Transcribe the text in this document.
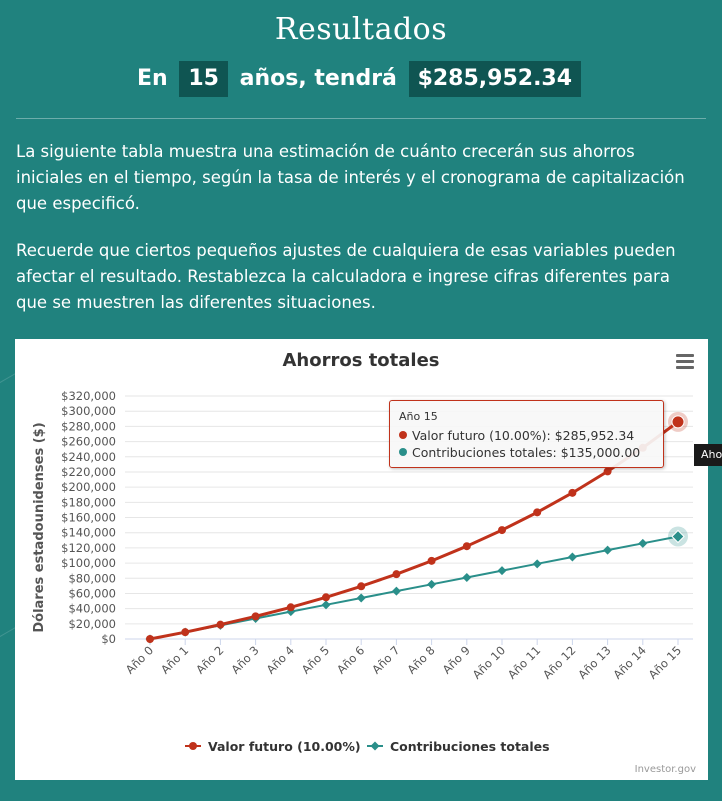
Resultados
En 15 años, tendrá $285,952.34

La siguiente tabla muestra una estimación de cuánto crecerán sus ahorros iniciales en el tiempo, según la tasa de interés y el cronograma de capitalización que especificó.

Recuerde que ciertos pequeños ajustes de cualquiera de esas variables pueden afectar el resultado. Restablezca la calculadora e ingrese cifras diferentes para que se muestren las diferentes situaciones.

Ahorros totales
$0
$20,000
$40,000
$60,000
$80,000
$100,000
$120,000
$140,000
$160,000
$180,000
$200,000
$220,000
$240,000
$260,000
$280,000
$300,000
$320,000
Año 0 Año 1 Año 2 Año 3 Año 4 Año 5 Año 6 Año 7 Año 8 Año 9
Año 10
Año 11
Año 12
Año 13
Año 14
Año 15
Dólares estadounidenses ($)
Valor futuro (10.00%) Contribuciones totales
Año 15
Valor futuro (10.00%): $285,952.34
Contribuciones totales: $135,000.00
Investor.gov
Aho
